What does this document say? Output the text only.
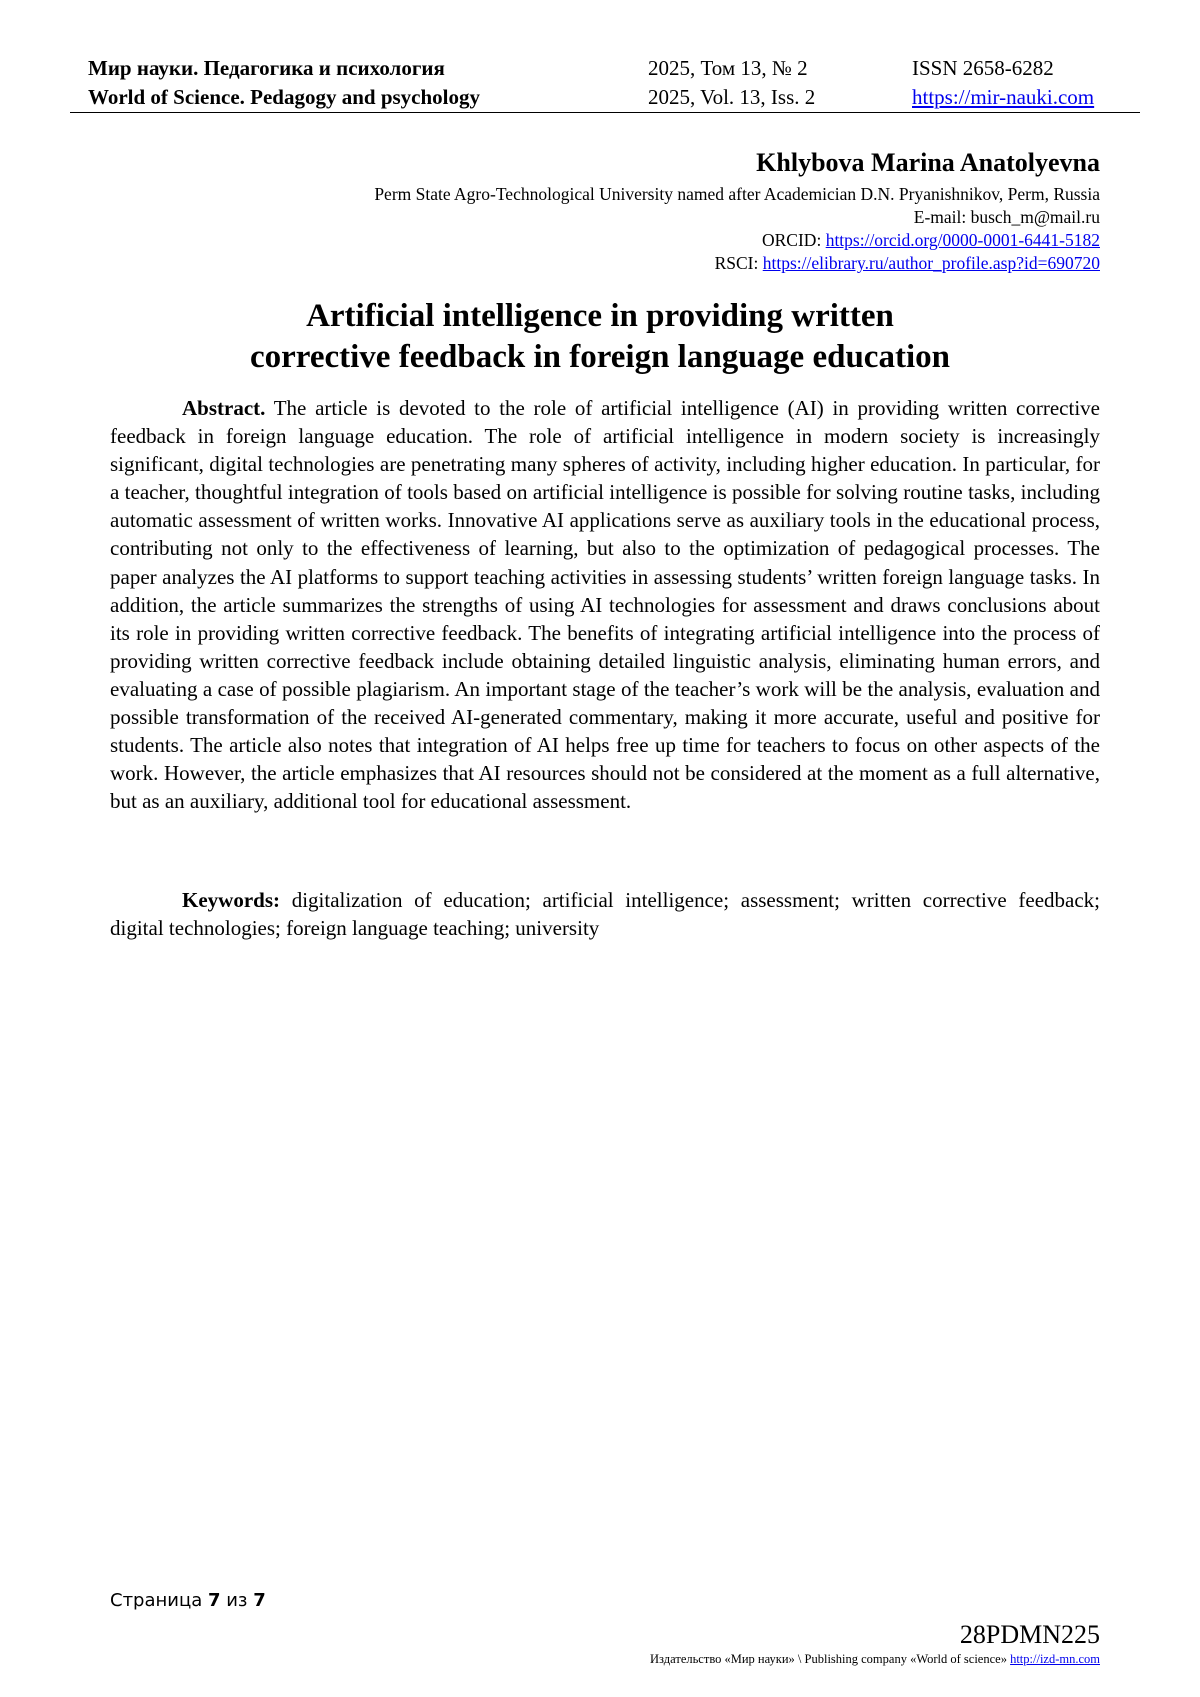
Мир науки. Педагогика и психология
World of Science. Pedagogy and psychology
2025, Том 13, № 2
2025, Vol. 13, Iss. 2
ISSN 2658-6282
https://mir-nauki.com
Khlybova Marina Anatolyevna
Perm State Agro-Technological University named after Academician D.N. Pryanishnikov, Perm, Russia
E-mail: busch_m@mail.ru
ORCID: https://orcid.org/0000-0001-6441-5182
RSCI: https://elibrary.ru/author_profile.asp?id=690720
Artificial intelligence in providing written
corrective feedback in foreign language education
Abstract. The article is devoted to the role of artificial intelligence (AI) in providing written corrective feedback in foreign language education. The role of artificial intelligence in modern society is increasingly significant, digital technologies are penetrating many spheres of activity, including higher education. In particular, for a teacher, thoughtful integration of tools based on artificial intelligence is possible for solving routine tasks, including automatic assessment of written works. Innovative AI applications serve as auxiliary tools in the educational process, contributing not only to the effectiveness of learning, but also to the optimization of pedagogical processes. The paper analyzes the AI platforms to support teaching activities in assessing students’ written foreign language tasks. In addition, the article summarizes the strengths of using AI technologies for assessment and draws conclusions about its role in providing written corrective feedback. The benefits of integrating artificial intelligence into the process of providing written corrective feedback include obtaining detailed linguistic analysis, eliminating human errors, and evaluating a case of possible plagiarism. An important stage of the teacher’s work will be the analysis, evaluation and possible transformation of the received AI-generated commentary, making it more accurate, useful and positive for students. The article also notes that integration of AI helps free up time for teachers to focus on other aspects of the work. However, the article emphasizes that AI resources should not be considered at the moment as a full alternative, but as an auxiliary, additional tool for educational assessment.
Keywords: digitalization of education; artificial intelligence; assessment; written corrective feedback; digital technologies; foreign language teaching; university
Страница 7 из 7
28PDMN225
Издательство «Мир науки» \ Publishing company «World of science» http://izd-mn.com
